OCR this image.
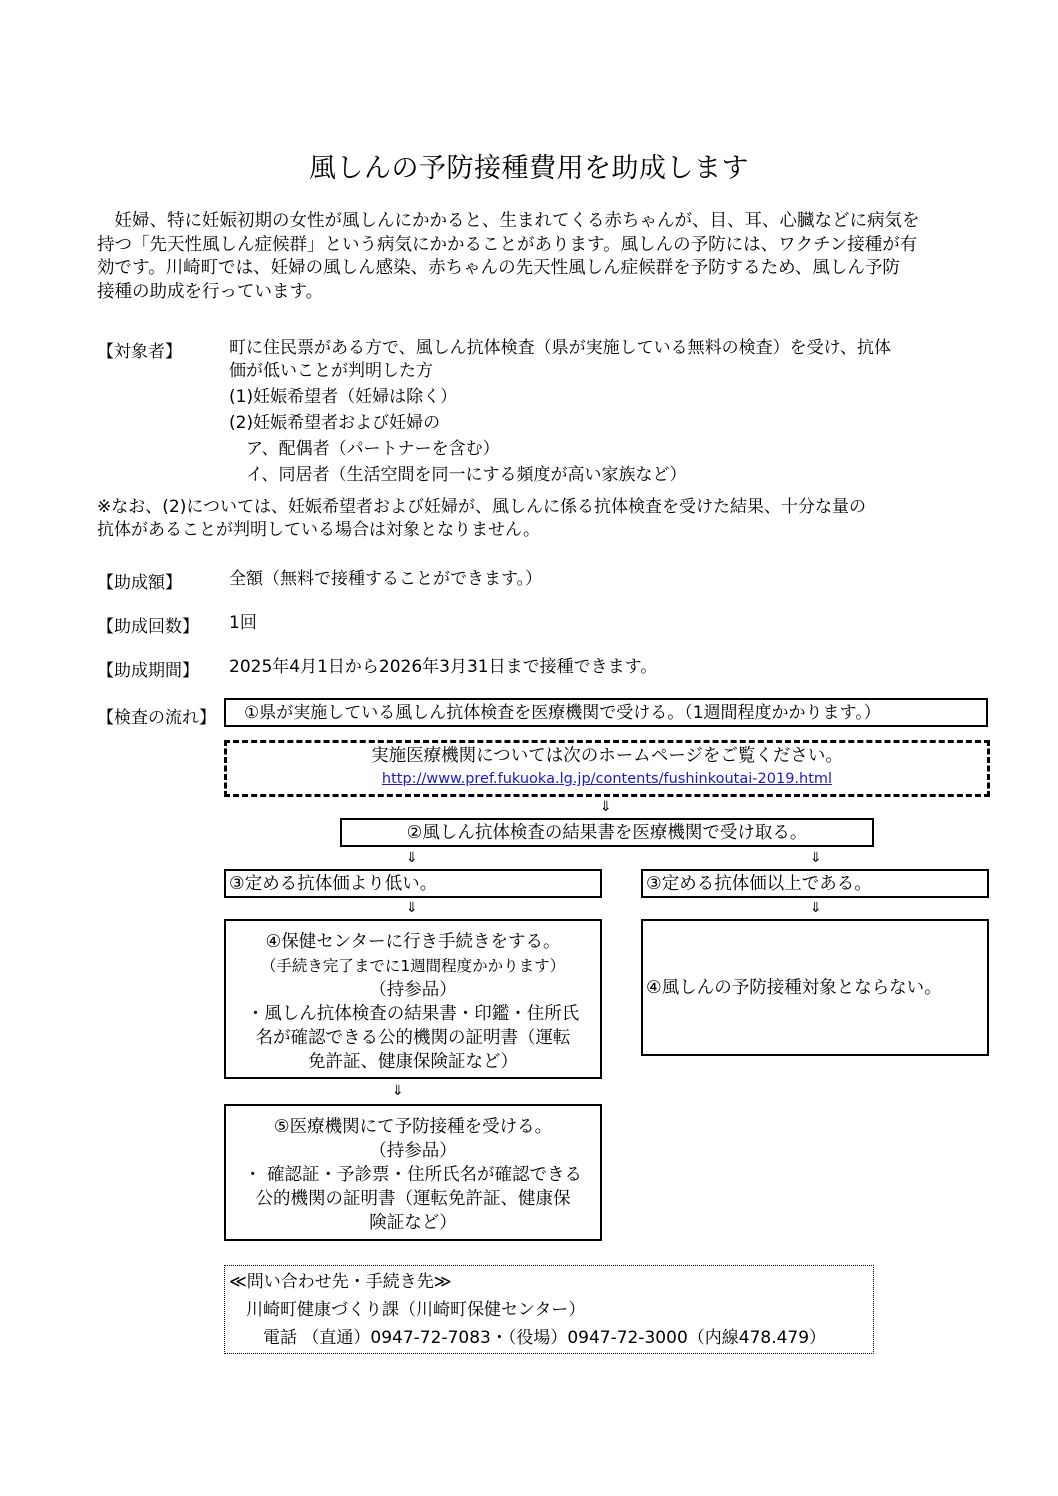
風しんの予防接種費用を助成します

　妊婦、特に妊娠初期の女性が風しんにかかると、生まれてくる赤ちゃんが、目、耳、心臓などに病気を

持つ「先天性風しん症候群」という病気にかかることがあります。風しんの予防には、ワクチン接種が有

効です。川崎町では、妊婦の風しん感染、赤ちゃんの先天性風しん症候群を予防するため、風しん予防

接種の助成を行っています。

【対象者】	町に住民票がある方で、風しん抗体検査（県が実施している無料の検査）を受け、抗体
価が低いことが判明した方
(1)妊娠希望者（妊婦は除く）
(2)妊娠希望者および妊婦の
　ア、配偶者（パートナーを含む）
　イ、同居者（生活空間を同一にする頻度が高い家族など）
※なお、(2)については、妊娠希望者および妊婦が、風しんに係る抗体検査を受けた結果、十分な量の
抗体があることが判明している場合は対象となりません。
【助成額】	全額（無料で接種することができます。）
【助成回数】 1回
【助成期間】 2025年4月1日から2026年3月31日まで接種できます。
【検査の流れ】	①県が実施している風しん抗体検査を医療機関で受ける。（1週間程度かかります。）
実施医療機関については次のホームページをご覧ください。
http://www.pref.fukuoka.lg.jp/contents/fushinkoutai-2019.html
⇓
②風しん抗体検査の結果書を医療機関で受け取る。
⇓	⇓
③定める抗体価より低い。	③定める抗体価以上である。
⇓	⇓
④保健センターに行き手続きをする。
（手続き完了までに1週間程度かかります）
（持参品）
・風しん抗体検査の結果書・印鑑・住所氏
名が確認できる公的機関の証明書（運転
免許証、健康保険証など）
④風しんの予防接種対象とならない。
⇓
⑤医療機関にて予防接種を受ける。
（持参品）
・ 確認証・予診票・住所氏名が確認できる
公的機関の証明書（運転免許証、健康保
険証など）
≪問い合わせ先・手続き先≫
　川崎町健康づくり課（川崎町保健センター）
　　電話 （直通）0947-72-7083・（役場）0947-72-3000（内線478.479）
